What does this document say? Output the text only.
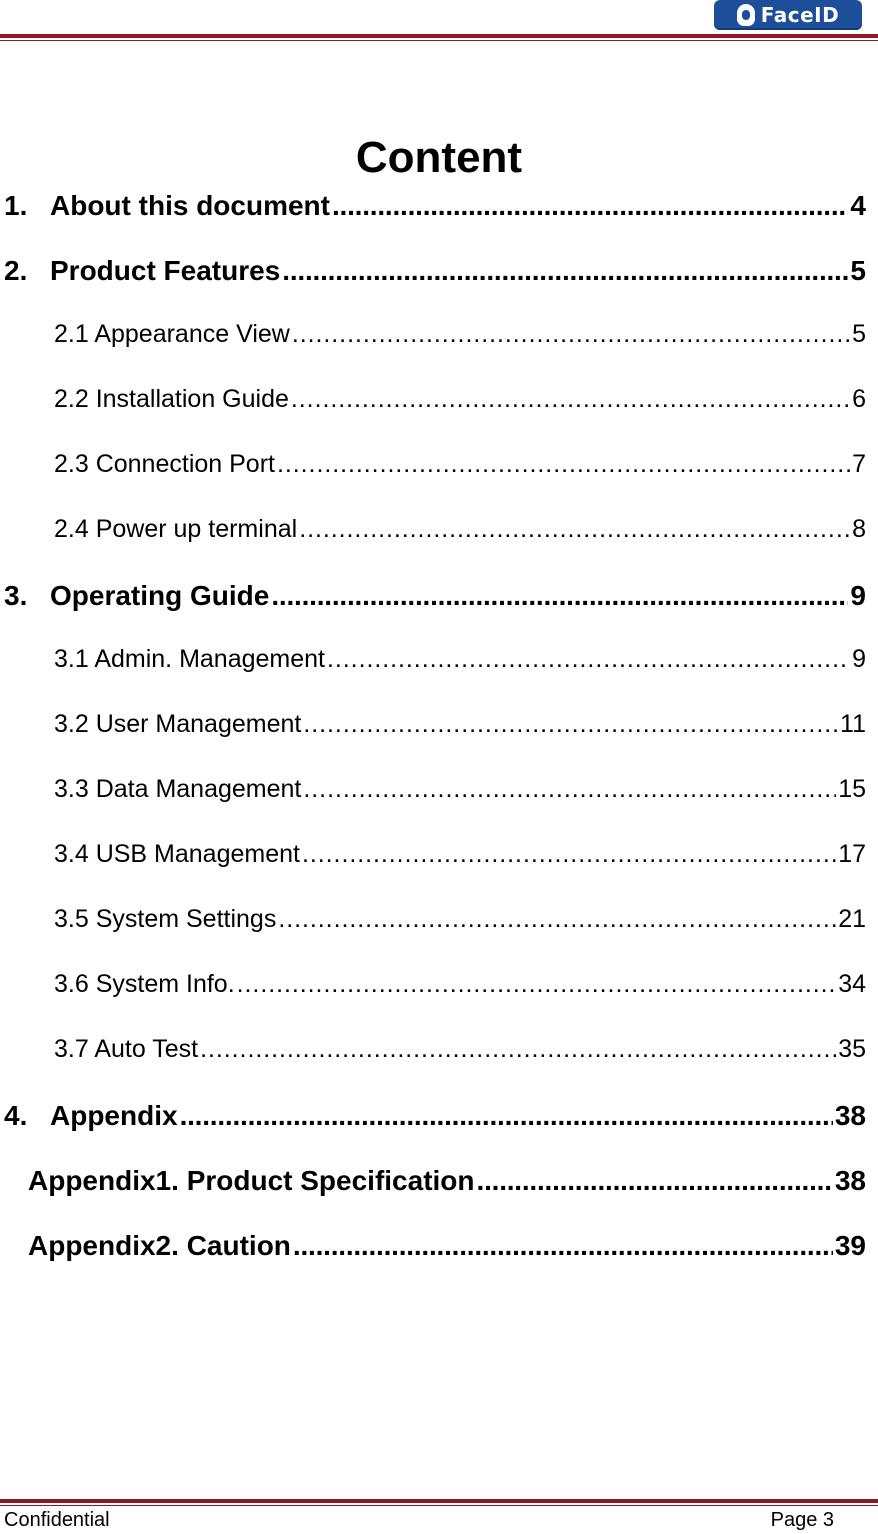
FaceID
Content
1. About this document . . .	4
2. Product Features . . .	5
2.1 Appearance View . . .	5
2.2 Installation Guide . . .	6
2.3 Connection Port . . .	7
2.4 Power up terminal . . .	8
3. Operating Guide . . .	9
3.1 Admin. Management . . .	9
3.2 User Management . . .	11
3.3 Data Management . . .	15
3.4 USB Management . . .	17
3.5 System Settings . . .	21
3.6 System Info. . . .	34
3.7 Auto Test . . .	35
4. Appendix . . .	38
Appendix1. Product Specification . . .	38
Appendix2. Caution . . .	39
Confidential	Page 3
